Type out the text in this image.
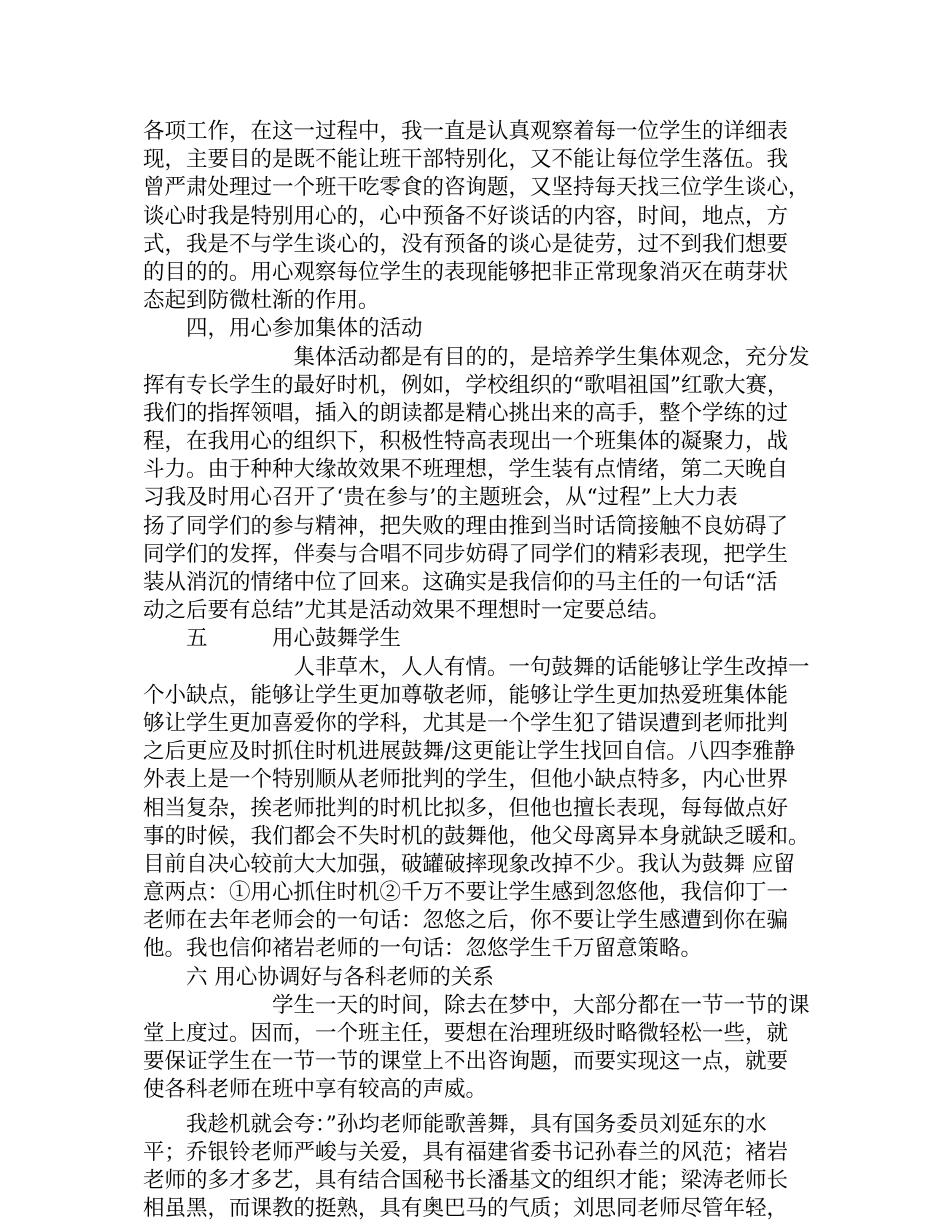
各项工作，在这一过程中，我一直是认真观察着每一位学生的详细表
现，主要目的是既不能让班干部特别化，又不能让每位学生落伍。我
曾严肃处理过一个班干吃零食的咨询题，又坚持每天找三位学生谈心，
谈心时我是特别用心的，心中预备不好谈话的内容，时间，地点，方
式，我是不与学生谈心的，没有预备的谈心是徒劳，过不到我们想要
的目的的。用心观察每位学生的表现能够把非正常现象消灭在萌芽状
态起到防微杜渐的作用。
　　四，用心参加集体的活动
　　　　　　　集体活动都是有目的的，是培养学生集体观念，充分发
挥有专长学生的最好时机，例如，学校组织的“歌唱祖国”红歌大赛，
我们的指挥领唱，插入的朗读都是精心挑出来的高手，整个学练的过
程，在我用心的组织下，积极性特高表现出一个班集体的凝聚力，战
斗力。由于种种大缘故效果不班理想，学生装有点情绪，第二天晚自
习我及时用心召开了‘贵在参与’的主题班会，从“过程”上大力表
扬了同学们的参与精神，把失败的理由推到当时话筒接触不良妨碍了
同学们的发挥，伴奏与合唱不同步妨碍了同学们的精彩表现，把学生
装从消沉的情绪中位了回来。这确实是我信仰的马主任的一句话“活
动之后要有总结”尤其是活动效果不理想时一定要总结。
　　五　　　用心鼓舞学生
　　　　　　　人非草木，人人有情。一句鼓舞的话能够让学生改掉一
个小缺点，能够让学生更加尊敬老师，能够让学生更加热爱班集体能
够让学生更加喜爱你的学科，尤其是一个学生犯了错误遭到老师批判
之后更应及时抓住时机进展鼓舞/这更能让学生找回自信。八四李雅静
外表上是一个特别顺从老师批判的学生，但他小缺点特多，内心世界
相当复杂，挨老师批判的时机比拟多，但他也擅长表现，每每做点好
事的时候，我们都会不失时机的鼓舞他，他父母离异本身就缺乏暖和。
目前自决心较前大大加强，破罐破摔现象改掉不少。我认为鼓舞 应留
意两点：①用心抓住时机②千万不要让学生感到忽悠他，我信仰丁一
老师在去年老师会的一句话：忽悠之后，你不要让学生感遭到你在骗
他。我也信仰褚岩老师的一句话：忽悠学生千万留意策略。
　　六 用心协调好与各科老师的关系
　　　　　　学生一天的时间，除去在梦中，大部分都在一节一节的课
堂上度过。因而，一个班主任，要想在治理班级时略微轻松一些，就
要保证学生在一节一节的课堂上不出咨询题，而要实现这一点，就要
使各科老师在班中享有较高的声威。
　　我趁机就会夸：”孙均老师能歌善舞，具有国务委员刘延东的水
平；乔银铃老师严峻与关爱，具有福建省委书记孙春兰的风范；褚岩
老师的多才多艺，具有结合国秘书长潘基文的组织才能；梁涛老师长
相虽黑，而课教的挺熟，具有奥巴马的气质；刘思同老师尽管年轻，
